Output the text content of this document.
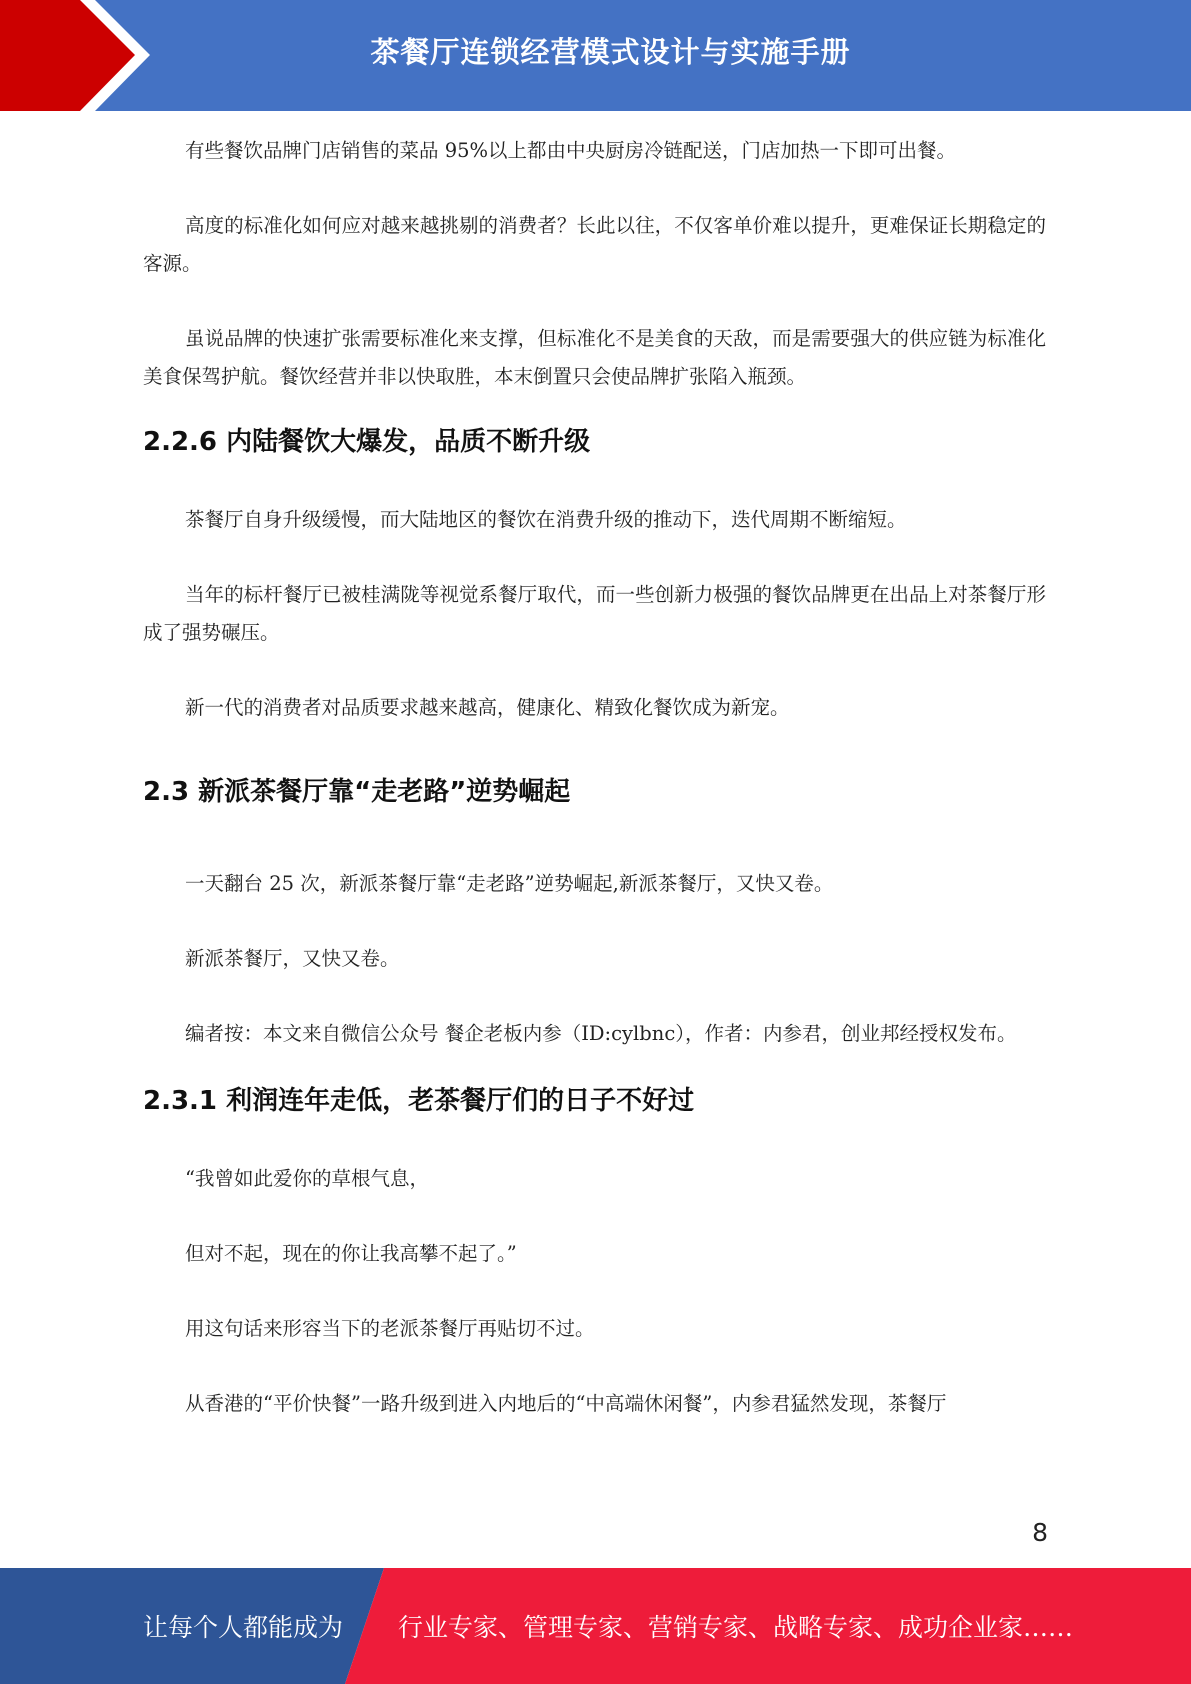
茶餐厅连锁经营模式设计与实施手册

有些餐饮品牌门店销售的菜品 95%以上都由中央厨房冷链配送，门店加热一下即可出餐。

高度的标准化如何应对越来越挑剔的消费者？长此以往，不仅客单价难以提升，更难保证长期稳定的客源。

虽说品牌的快速扩张需要标准化来支撑，但标准化不是美食的天敌，而是需要强大的供应链为标准化美食保驾护航。餐饮经营并非以快取胜，本末倒置只会使品牌扩张陷入瓶颈。

2.2.6 内陆餐饮大爆发，品质不断升级

茶餐厅自身升级缓慢，而大陆地区的餐饮在消费升级的推动下，迭代周期不断缩短。

当年的标杆餐厅已被桂满陇等视觉系餐厅取代，而一些创新力极强的餐饮品牌更在出品上对茶餐厅形成了强势碾压。

新一代的消费者对品质要求越来越高，健康化、精致化餐饮成为新宠。

2.3 新派茶餐厅靠“走老路”逆势崛起

一天翻台 25 次，新派茶餐厅靠“走老路”逆势崛起,新派茶餐厅，又快又卷。

新派茶餐厅，又快又卷。

编者按：本文来自微信公众号 餐企老板内参（ID:cylbnc），作者：内参君，创业邦经授权发布。

2.3.1 利润连年走低，老茶餐厅们的日子不好过

“我曾如此爱你的草根气息，

但对不起，现在的你让我高攀不起了。”

用这句话来形容当下的老派茶餐厅再贴切不过。

从香港的“平价快餐”一路升级到进入内地后的“中高端休闲餐”，内参君猛然发现，茶餐厅

8
让每个人都能成为 行业专家、管理专家、营销专家、战略专家、成功企业家……
